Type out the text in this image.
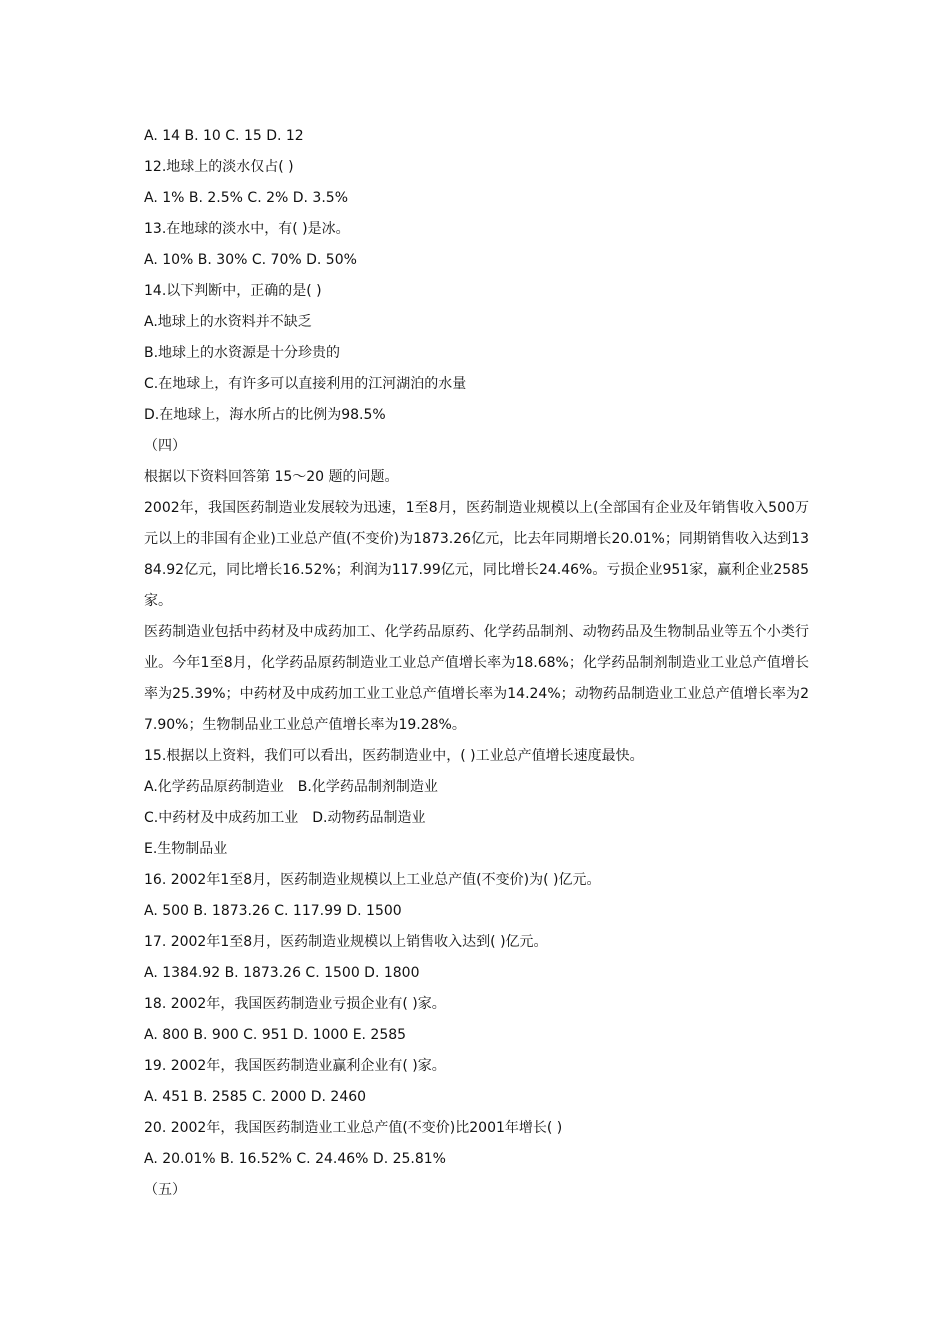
A. 14 B. 10 C. 15 D. 12
12.地球上的淡水仅占( )
A. 1% B. 2.5% C. 2% D. 3.5%
13.在地球的淡水中，有( )是冰。
A. 10% B. 30% C. 70% D. 50%
14.以下判断中，正确的是( )
A.地球上的水资料并不缺乏
B.地球上的水资源是十分珍贵的
C.在地球上，有许多可以直接利用的江河湖泊的水量
D.在地球上，海水所占的比例为98.5%
（四）
根据以下资料回答第 15～20 题的问题。
2002年，我国医药制造业发展较为迅速，1至8月，医药制造业规模以上(全部国有企业及年销售收入500万元以上的非国有企业)工业总产值(不变价)为1873.26亿元，比去年同期增长20.01%；同期销售收入达到1384.92亿元，同比增长16.52%；利润为117.99亿元，同比增长24.46%。亏损企业951家，赢利企业2585家。
医药制造业包括中药材及中成药加工、化学药品原药、化学药品制剂、动物药品及生物制品业等五个小类行业。今年1至8月，化学药品原药制造业工业总产值增长率为18.68%；化学药品制剂制造业工业总产值增长率为25.39%；中药材及中成药加工业工业总产值增长率为14.24%；动物药品制造业工业总产值增长率为27.90%；生物制品业工业总产值增长率为19.28%。
15.根据以上资料，我们可以看出，医药制造业中，( )工业总产值增长速度最快。
A.化学药品原药制造业　B.化学药品制剂制造业
C.中药材及中成药加工业　D.动物药品制造业
E.生物制品业
16. 2002年1至8月，医药制造业规模以上工业总产值(不变价)为( )亿元。
A. 500 B. 1873.26 C. 117.99 D. 1500
17. 2002年1至8月，医药制造业规模以上销售收入达到( )亿元。
A. 1384.92 B. 1873.26 C. 1500 D. 1800
18. 2002年，我国医药制造业亏损企业有( )家。
A. 800 B. 900 C. 951 D. 1000 E. 2585
19. 2002年，我国医药制造业赢利企业有( )家。
A. 451 B. 2585 C. 2000 D. 2460
20. 2002年，我国医药制造业工业总产值(不变价)比2001年增长( )
A. 20.01% B. 16.52% C. 24.46% D. 25.81%
（五）
